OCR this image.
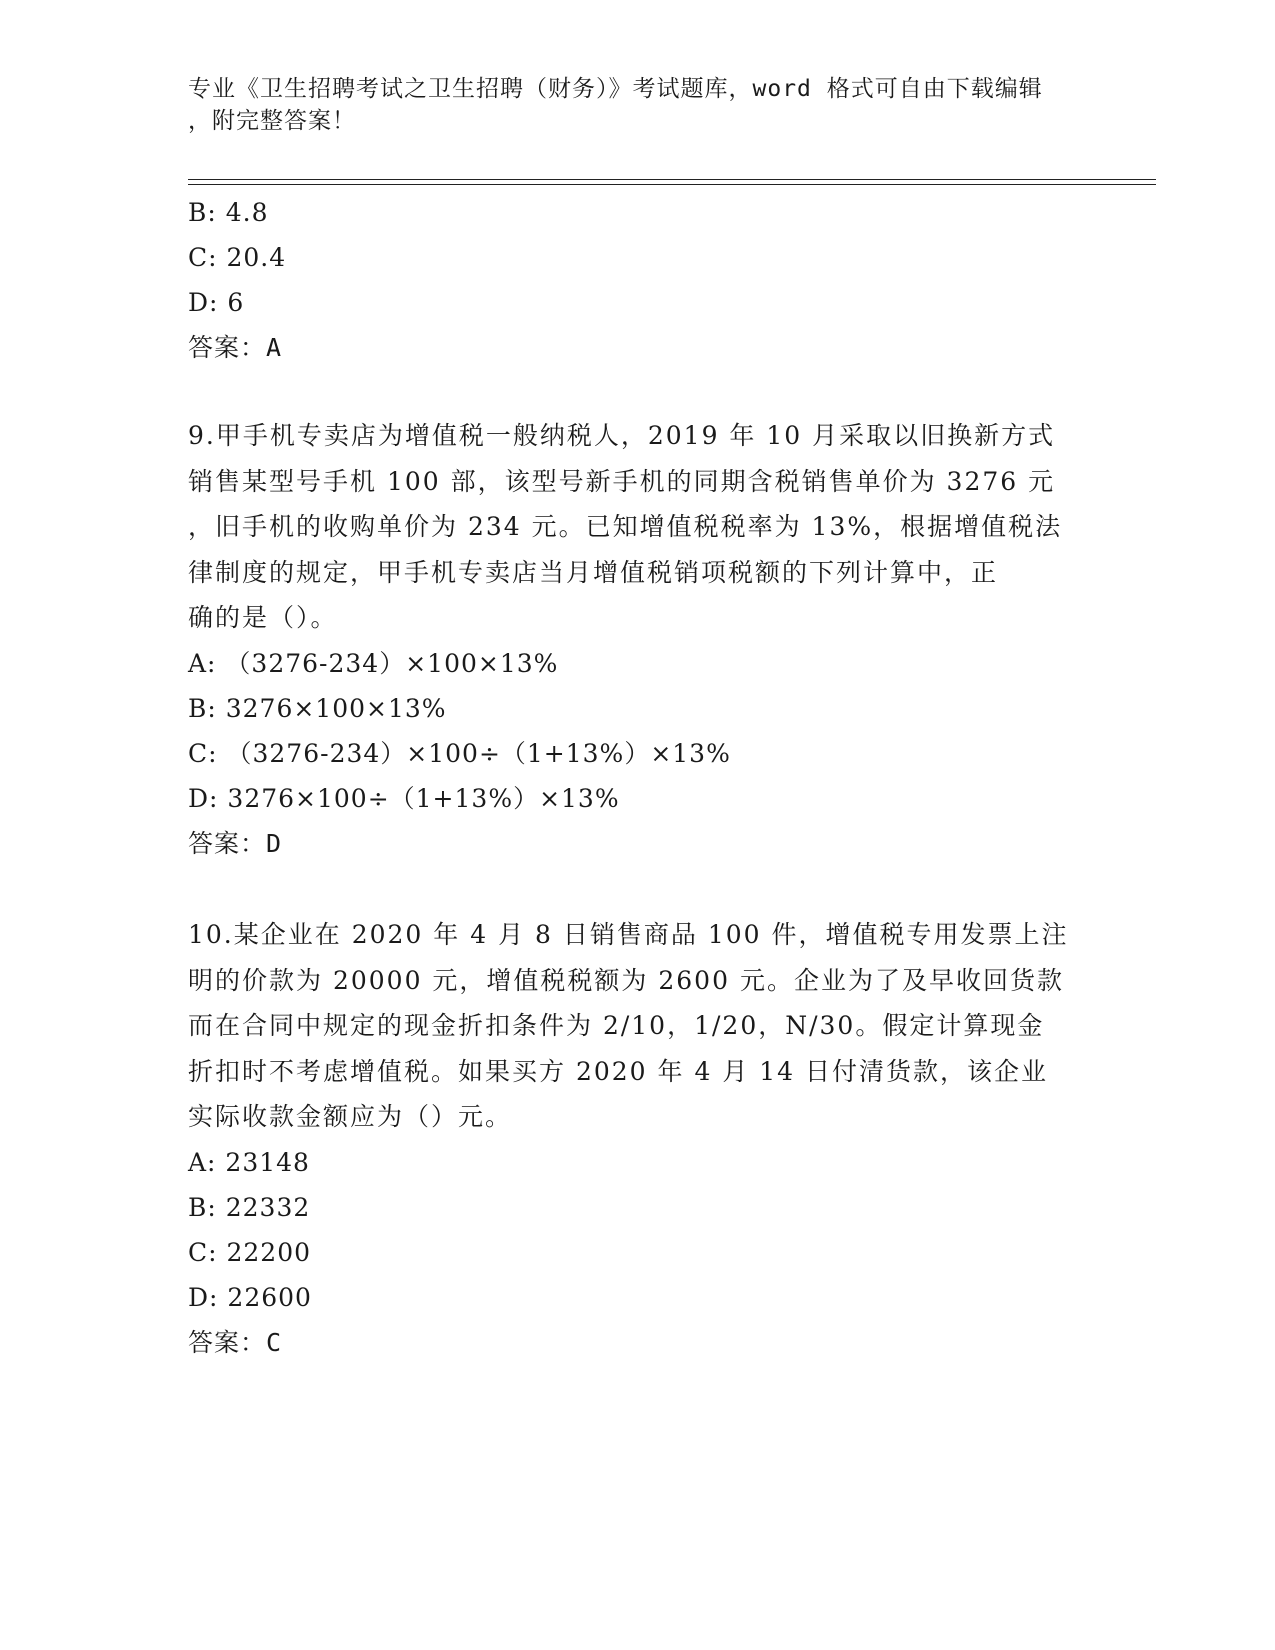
专业《卫生招聘考试之卫生招聘（财务）》考试题库，word 格式可自由下载编辑
，附完整答案！
B: 4.8
C: 20.4
D: 6
答案：A
9.甲手机专卖店为增值税一般纳税人，2019 年 10 月采取以旧换新方式
销售某型号手机 100 部，该型号新手机的同期含税销售单价为 3276 元
，旧手机的收购单价为 234 元。已知增值税税率为 13%，根据增值税法
律制度的规定，甲手机专卖店当月增值税销项税额的下列计算中，正
确的是（）。
A: （3276-234）×100×13%
B: 3276×100×13%
C: （3276-234）×100÷（1+13%）×13%
D: 3276×100÷（1+13%）×13%
答案：D
10.某企业在 2020 年 4 月 8 日销售商品 100 件，增值税专用发票上注
明的价款为 20000 元，增值税税额为 2600 元。企业为了及早收回货款
而在合同中规定的现金折扣条件为 2/10，1/20，N/30。假定计算现金
折扣时不考虑增值税。如果买方 2020 年 4 月 14 日付清货款，该企业
实际收款金额应为（）元。
A: 23148
B: 22332
C: 22200
D: 22600
答案：C
